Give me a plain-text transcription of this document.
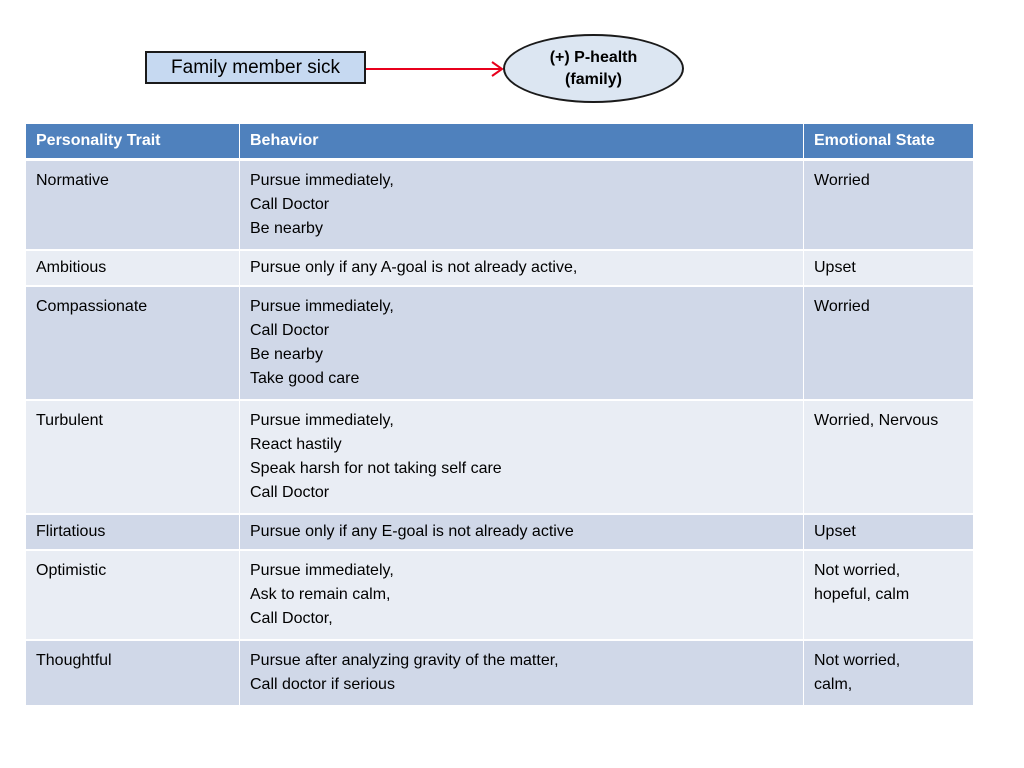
Family member sick	(+) P-health
(family)
Personality Trait	Behavior	Emotional State
Normative	Pursue immediately,
Call Doctor
Be nearby	Worried

Ambitious	Pursue only if any A-goal is not already active,	Upset

Compassionate	Pursue immediately,
Call Doctor
Be nearby
Take good care	Worried

Turbulent	Pursue immediately,
React hastily
Speak harsh for not taking self care
Call Doctor	Worried, Nervous

Flirtatious	Pursue only if any E-goal is not already active	Upset

Optimistic	Pursue immediately,
Ask to remain calm,
Call Doctor,	Not worried,
hopeful, calm

Thoughtful	Pursue after analyzing gravity of the matter,
Call doctor if serious	Not worried,
calm,
